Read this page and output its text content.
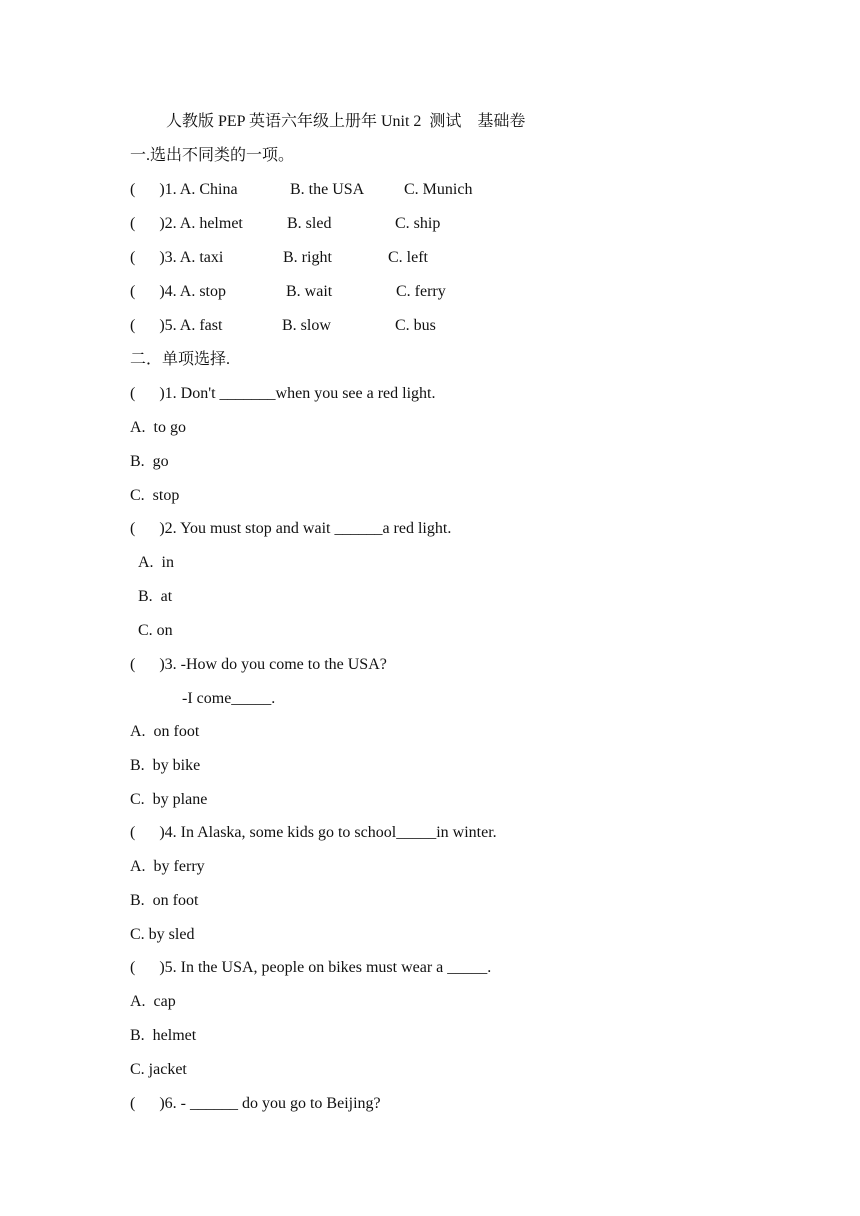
人教版 PEP 英语六年级上册年 Unit 2  测试    基础卷
一.选出不同类的一项。

(      )1. A. China

	B. the USA

C. Munich

(      )2. A. helmet

	B. sled

	C. ship

(      )3. A. taxi

	B. right

	C. left

(      )4. A. stop

	B. wait

	C. ferry

(      )5. A. fast

	B. slow

	C. bus

二．单项选择.
(      )1. Don't _______when you see a red light.
A.  to go
B.  go
C.  stop
(      )2. You must stop and wait ______a red light.
A.  in
B.  at
C. on
(      )3. -How do you come to the USA?
-I come_____.
A.  on foot
B.  by bike
C.  by plane
(      )4. In Alaska, some kids go to school_____in winter.
A.  by ferry
B.  on foot
C. by sled
(      )5. In the USA, people on bikes must wear a _____.
A.  cap
B.  helmet
C. jacket
(      )6. - ______ do you go to Beijing?
